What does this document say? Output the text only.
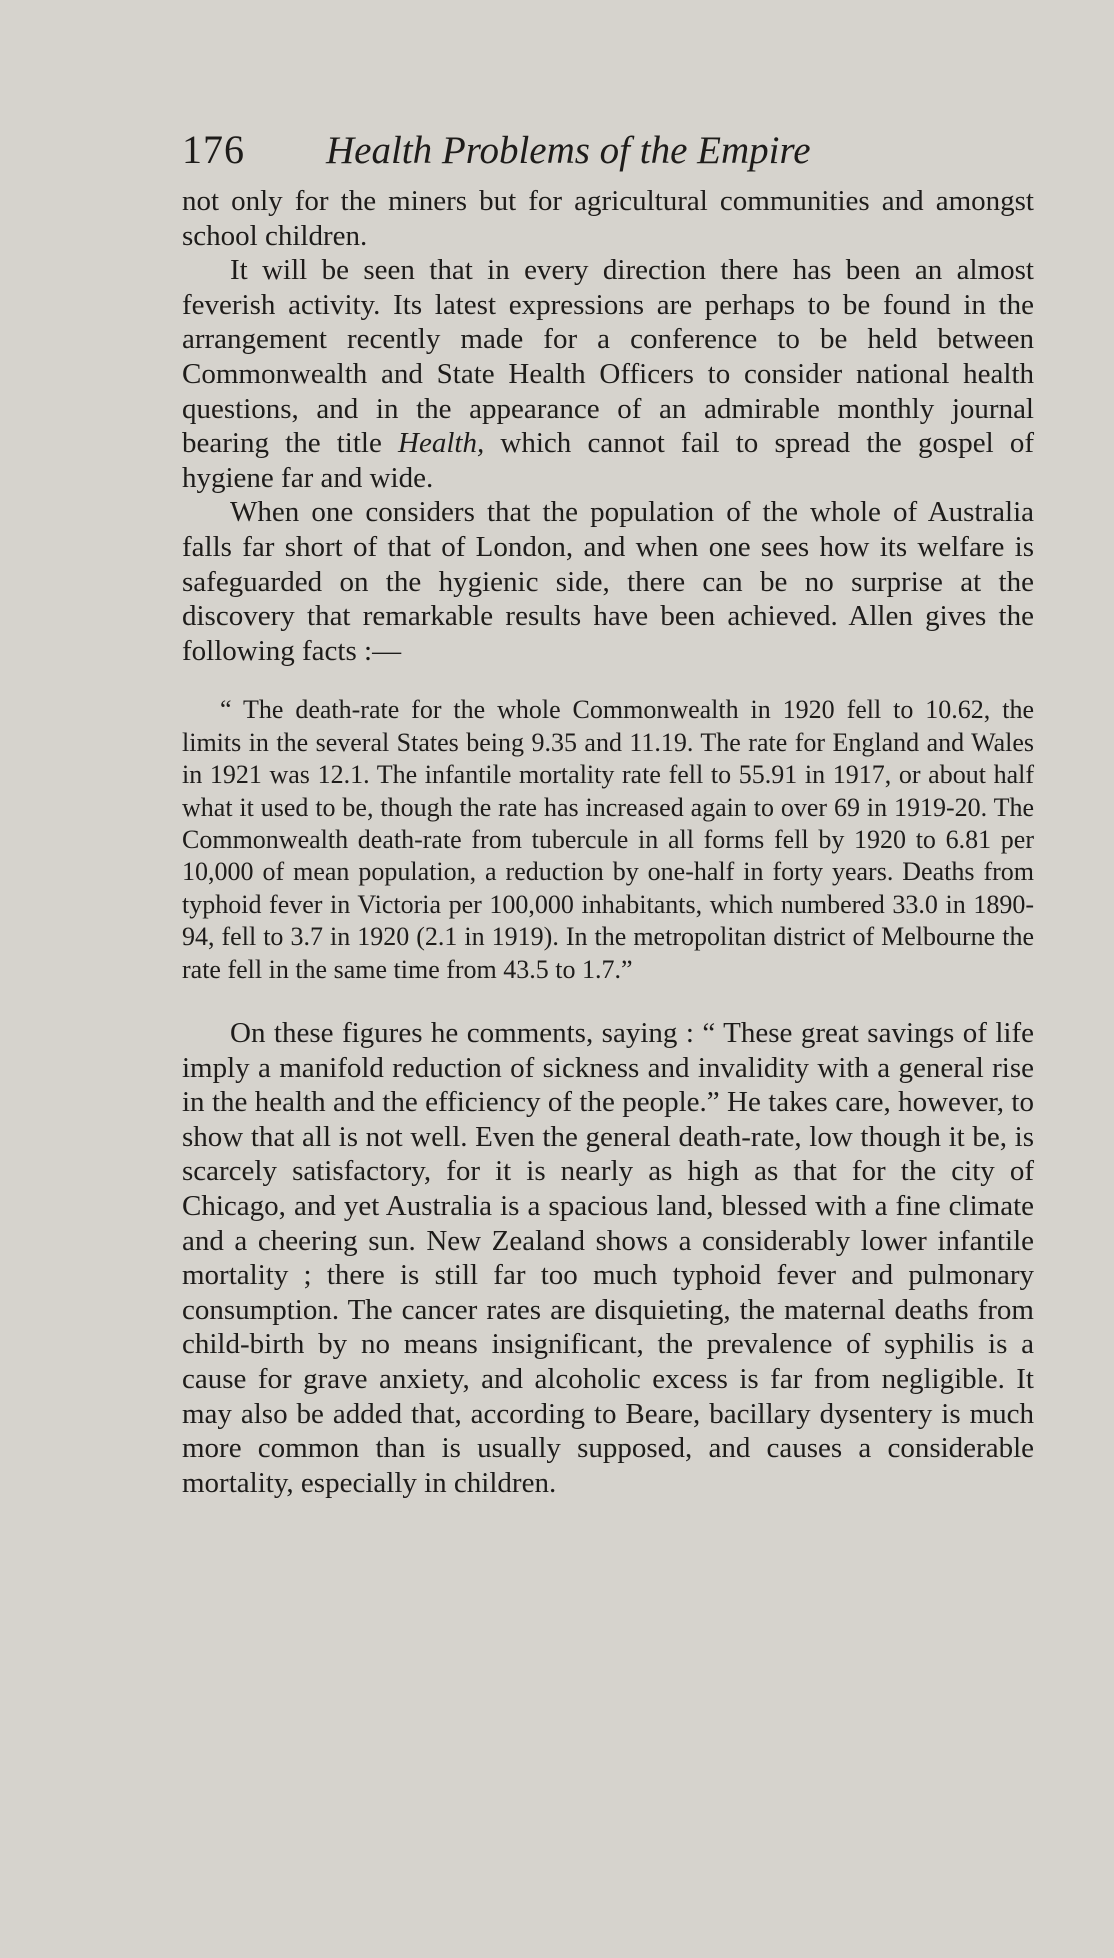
176	Health Problems of the Empire

not only for the miners but for agricultural communities and amongst school children.

It will be seen that in every direction there has been an almost feverish activity. Its latest expressions are perhaps to be found in the arrangement recently made for a conference to be held between Commonwealth and State Health Officers to consider national health questions, and in the appearance of an admirable monthly journal bearing the title Health, which cannot fail to spread the gospel of hygiene far and wide.

When one considers that the population of the whole of Australia falls far short of that of London, and when one sees how its welfare is safeguarded on the hygienic side, there can be no surprise at the discovery that remarkable results have been achieved. Allen gives the following facts :—

“ The death-rate for the whole Commonwealth in 1920 fell to 10.62, the limits in the several States being 9.35 and 11.19. The rate for England and Wales in 1921 was 12.1. The infantile mortality rate fell to 55.91 in 1917, or about half what it used to be, though the rate has increased again to over 69 in 1919-20. The Commonwealth death-rate from tubercule in all forms fell by 1920 to 6.81 per 10,000 of mean population, a reduction by one-half in forty years. Deaths from typhoid fever in Victoria per 100,000 inhabitants, which numbered 33.0 in 1890-94, fell to 3.7 in 1920 (2.1 in 1919). In the metropolitan district of Melbourne the rate fell in the same time from 43.5 to 1.7.”

On these figures he comments, saying : “ These great savings of life imply a manifold reduction of sickness and invalidity with a general rise in the health and the efficiency of the people.” He takes care, however, to show that all is not well. Even the general death-rate, low though it be, is scarcely satisfactory, for it is nearly as high as that for the city of Chicago, and yet Australia is a spacious land, blessed with a fine climate and a cheering sun. New Zealand shows a considerably lower infantile mortality ; there is still far too much typhoid fever and pulmonary consumption. The cancer rates are disquieting, the maternal deaths from child-birth by no means insignificant, the prevalence of syphilis is a cause for grave anxiety, and alcoholic excess is far from negligible. It may also be added that, according to Beare, bacillary dysentery is much more common than is usually supposed, and causes a considerable mortality, especially in children.
